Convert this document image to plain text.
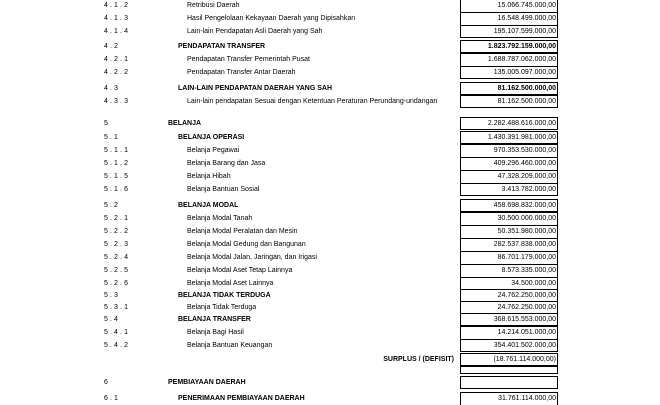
4.1.2	Retribusi Daerah	15.066.745.000,00
4.1.3	Hasil Pengelolaan Kekayaan Daerah yang Dipisahkan	16.548.499.000,00
4.1.4	Lain-lain Pendapatan Asli Daerah yang Sah	195.107.599.000,00
4.2	PENDAPATAN TRANSFER	1.823.792.159.000,00
4.2.1	Pendapatan Transfer Pemerintah Pusat	1.688.787.062.000,00
4.2.2	Pendapatan Transfer Antar Daerah	135.005.097.000,00
4.3	LAIN-LAIN PENDAPATAN DAERAH YANG SAH	81.162.500.000,00
4.3.3	Lain-lain pendapatan Sesuai dengan Ketentuan Peraturan Perundang-undangan	81.162.500.000,00
5	BELANJA	2.282.488.616.000,00
5.1	BELANJA OPERASI	1.430.391.981.000,00
5.1.1	Belanja Pegawai	970.353.530.000,00
5.1.2	Belanja Barang dan Jasa	409.296.460.000,00
5.1.5	Belanja Hibah	47.328.209.000,00
5.1.6	Belanja Bantuan Sosial	3.413.782.000,00
5.2	BELANJA MODAL	458.698.832.000,00
5.2.1	Belanja Modal Tanah	30.500.000.000,00
5.2.2	Belanja Modal Peralatan dan Mesin	50.351.980.000,00
5.2.3	Belanja Modal Gedung dan Bangunan	282.537.838.000,00
5.2.4	Belanja Modal Jalan, Jaringan, dan Irigasi	86.701.179.000,00
5.2.5	Belanja Modal Aset Tetap Lainnya	8.573.335.000,00
5.2.6	Belanja Modal Aset Lainnya	34.500.000,00
5.3	BELANJA TIDAK TERDUGA	24.762.250.000,00
5.3.1	Belanja Tidak Terduga	24.762.250.000,00
5.4	BELANJA TRANSFER	368.615.553.000,00
5.4.1	Belanja Bagi Hasil	14.214.051.000,00
5.4.2	Belanja Bantuan Keuangan	354.401.502.000,00
SURPLUS / (DEFISIT)	(18.761.114.000,00)
6	PEMBIAYAAN DAERAH
6.1	PENERIMAAN PEMBIAYAAN DAERAH	31.761.114.000,00
